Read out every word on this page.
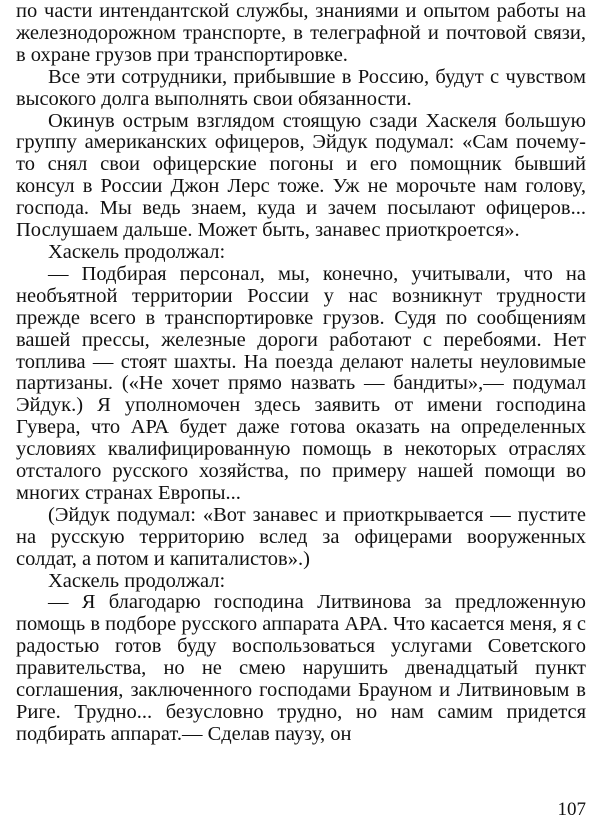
по части интендантской службы, знаниями и опытом работы на железнодорожном транспорте, в телеграфной и почтовой связи, в охране грузов при транспортировке.

Все эти сотрудники, прибывшие в Россию, будут с чувством высокого долга выполнять свои обязанности.

Окинув острым взглядом стоящую сзади Хаскеля большую группу американских офицеров, Эйдук подумал: «Сам почему-то снял свои офицерские погоны и его помощник бывший консул в России Джон Лерс тоже. Уж не морочьте нам голову, господа. Мы ведь знаем, куда и зачем посылают офицеров... Послушаем дальше. Может быть, занавес приоткроется».

Хаскель продолжал:

— Подбирая персонал, мы, конечно, учитывали, что на необъятной территории России у нас возникнут трудности прежде всего в транспортировке грузов. Судя по сообщениям вашей прессы, железные дороги работают с перебоями. Нет топлива — стоят шахты. На поезда делают налеты неуловимые партизаны. («Не хочет прямо назвать — бандиты»,— подумал Эйдук.) Я уполномочен здесь заявить от имени господина Гувера, что АРА будет даже готова оказать на определенных условиях квалифицированную помощь в некоторых отраслях отсталого русского хозяйства, по примеру нашей помощи во многих странах Европы...

(Эйдук подумал: «Вот занавес и приоткрывается — пустите на русскую территорию вслед за офицерами вооруженных солдат, а потом и капиталистов».)

Хаскель продолжал:

— Я благодарю господина Литвинова за предложенную помощь в подборе русского аппарата АРА. Что касается меня, я с радостью готов буду воспользоваться услугами Советского правительства, но не смею нарушить двенадцатый пункт соглашения, заключенного господами Брауном и Литвиновым в Риге. Трудно... безусловно трудно, но нам самим придется подбирать аппарат.— Сделав паузу, он

107
